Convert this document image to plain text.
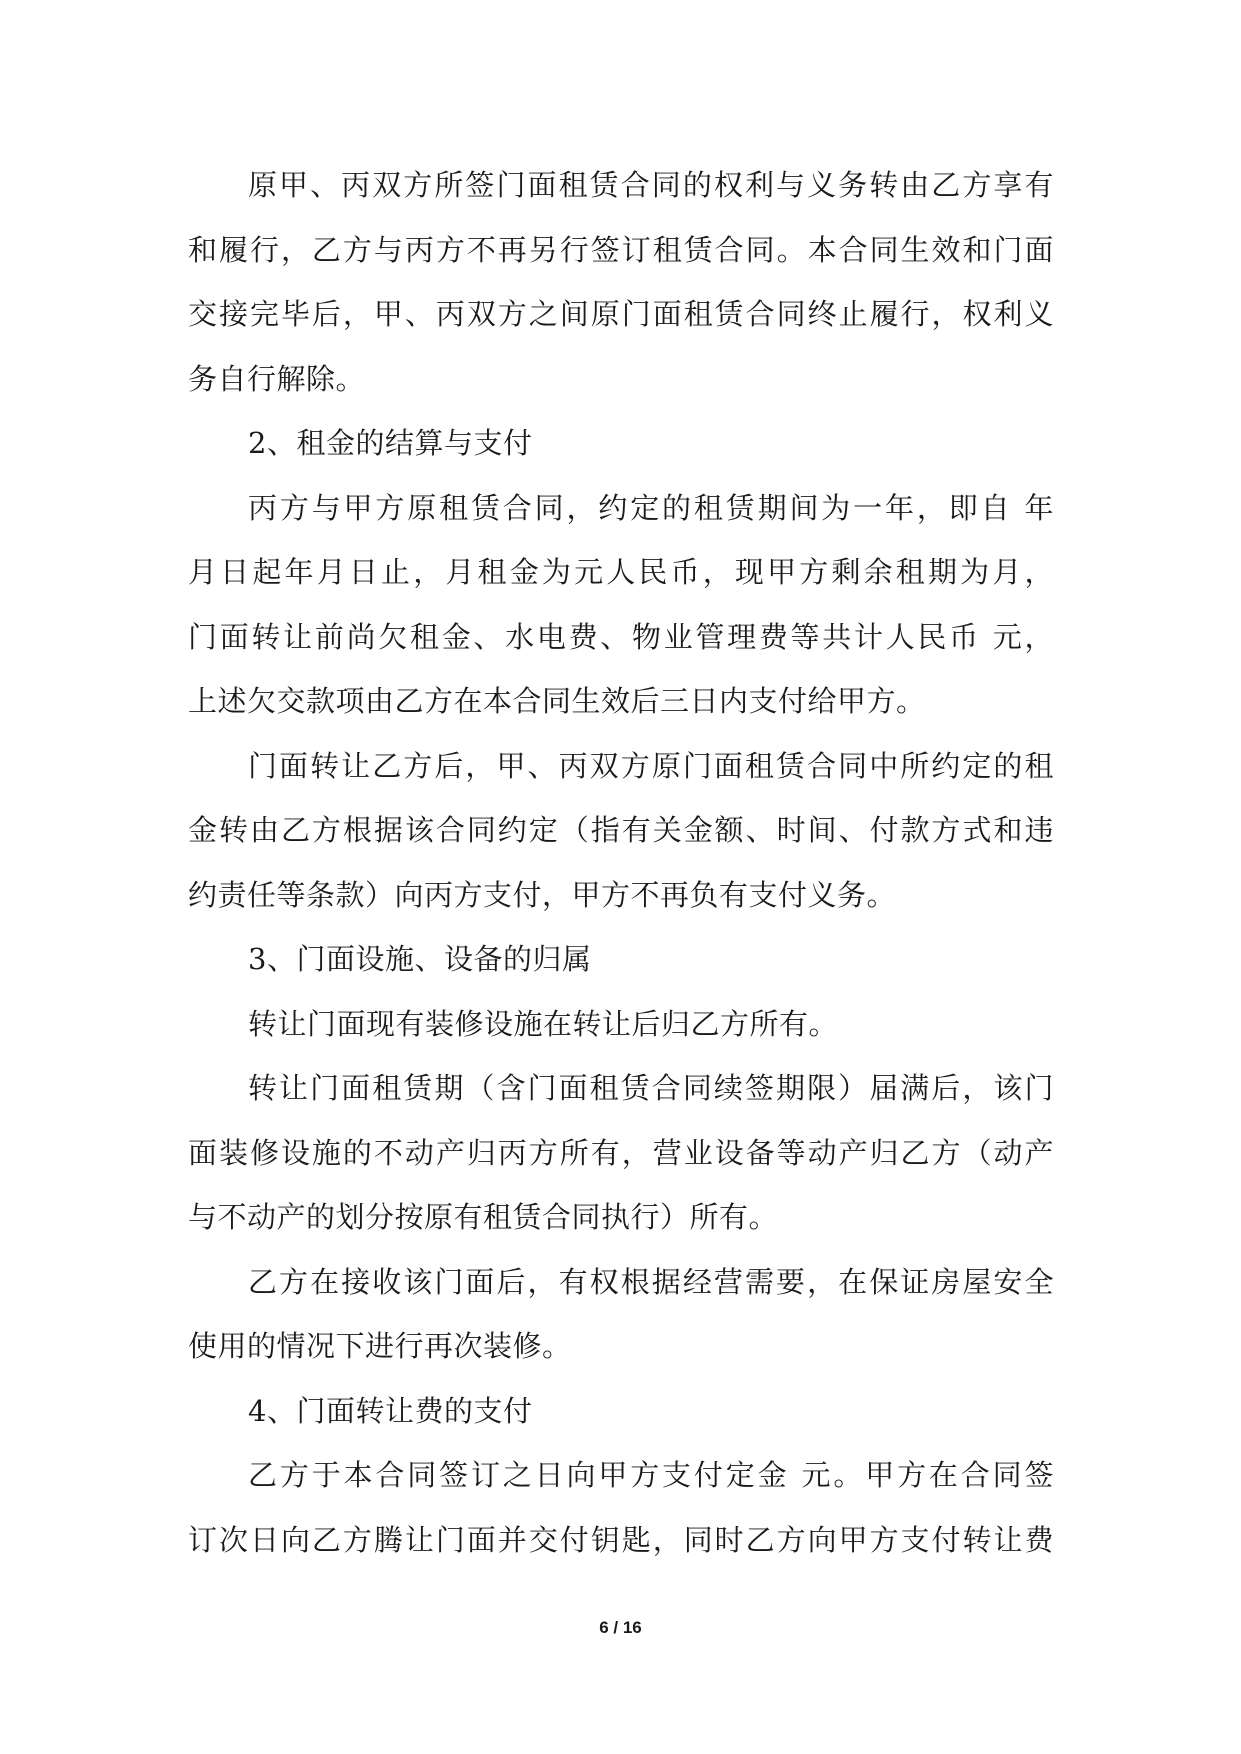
原甲、丙双方所签门面租赁合同的权利与义务转由乙方享有
和履行，乙方与丙方不再另行签订租赁合同。本合同生效和门面
交接完毕后，甲、丙双方之间原门面租赁合同终止履行，权利义
务自行解除。
2、租金的结算与支付
丙方与甲方原租赁合同，约定的租赁期间为一年，即自 年
月日起年月日止，月租金为元人民币，现甲方剩余租期为月，
门面转让前尚欠租金、水电费、物业管理费等共计人民币 元，
上述欠交款项由乙方在本合同生效后三日内支付给甲方。
门面转让乙方后，甲、丙双方原门面租赁合同中所约定的租
金转由乙方根据该合同约定（指有关金额、时间、付款方式和违
约责任等条款）向丙方支付，甲方不再负有支付义务。
3、门面设施、设备的归属
转让门面现有装修设施在转让后归乙方所有。
转让门面租赁期（含门面租赁合同续签期限）届满后，该门
面装修设施的不动产归丙方所有，营业设备等动产归乙方（动产
与不动产的划分按原有租赁合同执行）所有。
乙方在接收该门面后，有权根据经营需要，在保证房屋安全
使用的情况下进行再次装修。
4、门面转让费的支付
乙方于本合同签订之日向甲方支付定金 元。甲方在合同签
订次日向乙方腾让门面并交付钥匙，同时乙方向甲方支付转让费
6 / 16
